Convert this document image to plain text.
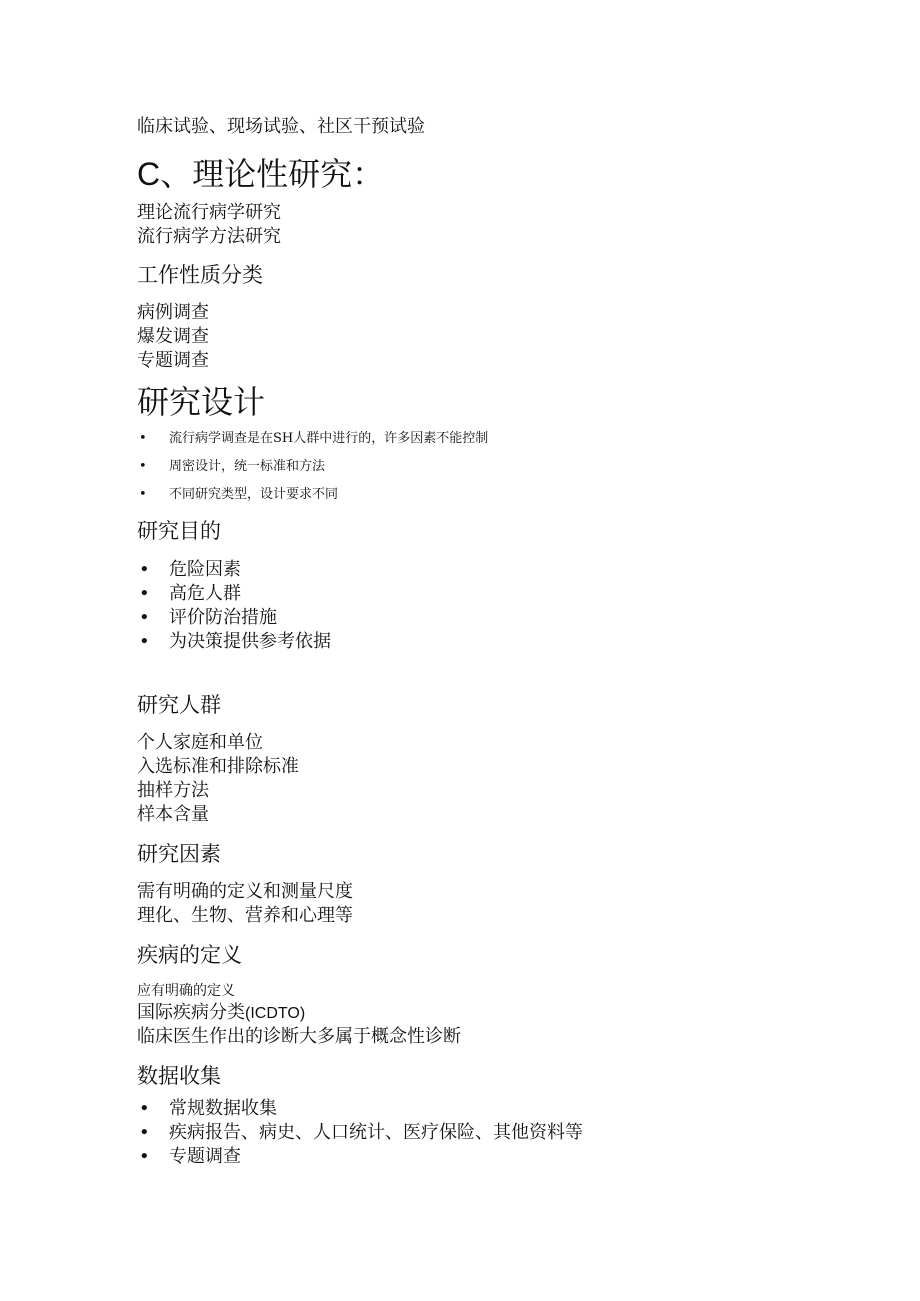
临床试验、现场试验、社区干预试验
C、理论性研究：
理论流行病学研究
流行病学方法研究
工作性质分类
病例调查
爆发调查
专题调查
研究设计
• 流行病学调查是在SH人群中进行的，许多因素不能控制
• 周密设计，统一标准和方法
• 不同研究类型，设计要求不同
研究目的
• 危险因素
• 高危人群
• 评价防治措施
• 为决策提供参考依据
研究人群
个人家庭和单位
入选标准和排除标准
抽样方法
样本含量
研究因素
需有明确的定义和测量尺度
理化、生物、营养和心理等
疾病的定义
应有明确的定义
国际疾病分类(ICDTO)
临床医生作出的诊断大多属于概念性诊断
数据收集
• 常规数据收集
• 疾病报告、病史、人口统计、医疗保险、其他资料等
• 专题调查
